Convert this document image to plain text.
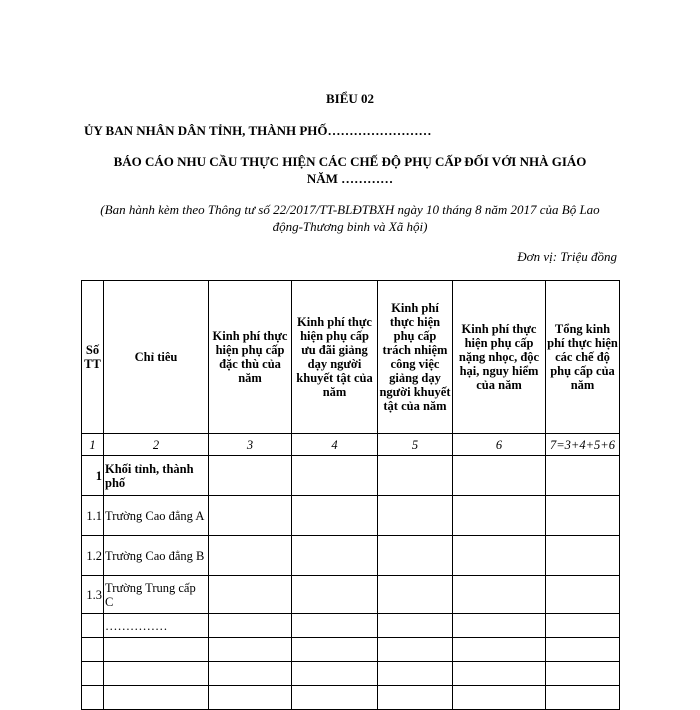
BIỂU 02
ỦY BAN NHÂN DÂN TỈNH, THÀNH PHỐ……………………
BÁO CÁO NHU CẦU THỰC HIỆN CÁC CHẾ ĐỘ PHỤ CẤP ĐỐI VỚI NHÀ GIÁO
NĂM …………
(Ban hành kèm theo Thông tư số 22/2017/TT-BLĐTBXH ngày 10 tháng 8 năm 2017 của Bộ Lao
động-Thương binh và Xã hội)
Đơn vị: Triệu đồng
Số TT	Chỉ tiêu	Kinh phí thực hiện phụ cấp đặc thù của năm	Kinh phí thực hiện phụ cấp ưu đãi giảng dạy người khuyết tật của năm	Kinh phí thực hiện phụ cấp trách nhiệm công việc giảng dạy người khuyết tật của năm	Kinh phí thực hiện phụ cấp nặng nhọc, độc hại, nguy hiểm của năm	Tổng kinh phí thực hiện các chế độ phụ cấp của năm
1	2	3	4	5	6	7=3+4+5+6
1	Khối tỉnh, thành phố					
1.1	Trường Cao đẳng A					
1.2	Trường Cao đẳng B					
1.3	Trường Trung cấp C					
	……………					
